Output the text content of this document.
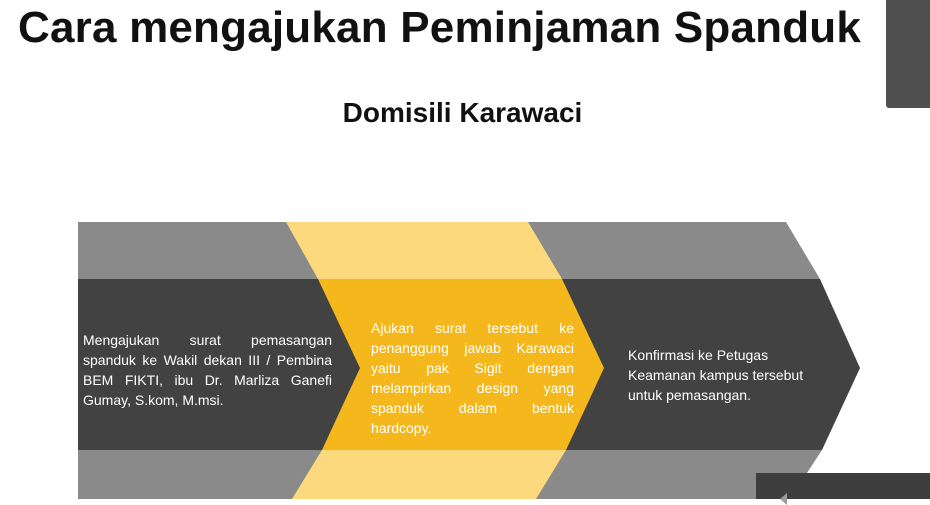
Cara mengajukan Peminjaman Spanduk
Domisili Karawaci
Mengajukan surat pemasangan spanduk ke Wakil dekan III / Pembina BEM FIKTI, ibu Dr. Marliza Ganefi Gumay, S.kom, M.msi.
Ajukan surat tersebut ke penanggung jawab Karawaci yaitu pak Sigit dengan melampirkan design yang spanduk dalam bentuk hardcopy.
Konfirmasi ke Petugas Keamanan kampus tersebut untuk pemasangan.
